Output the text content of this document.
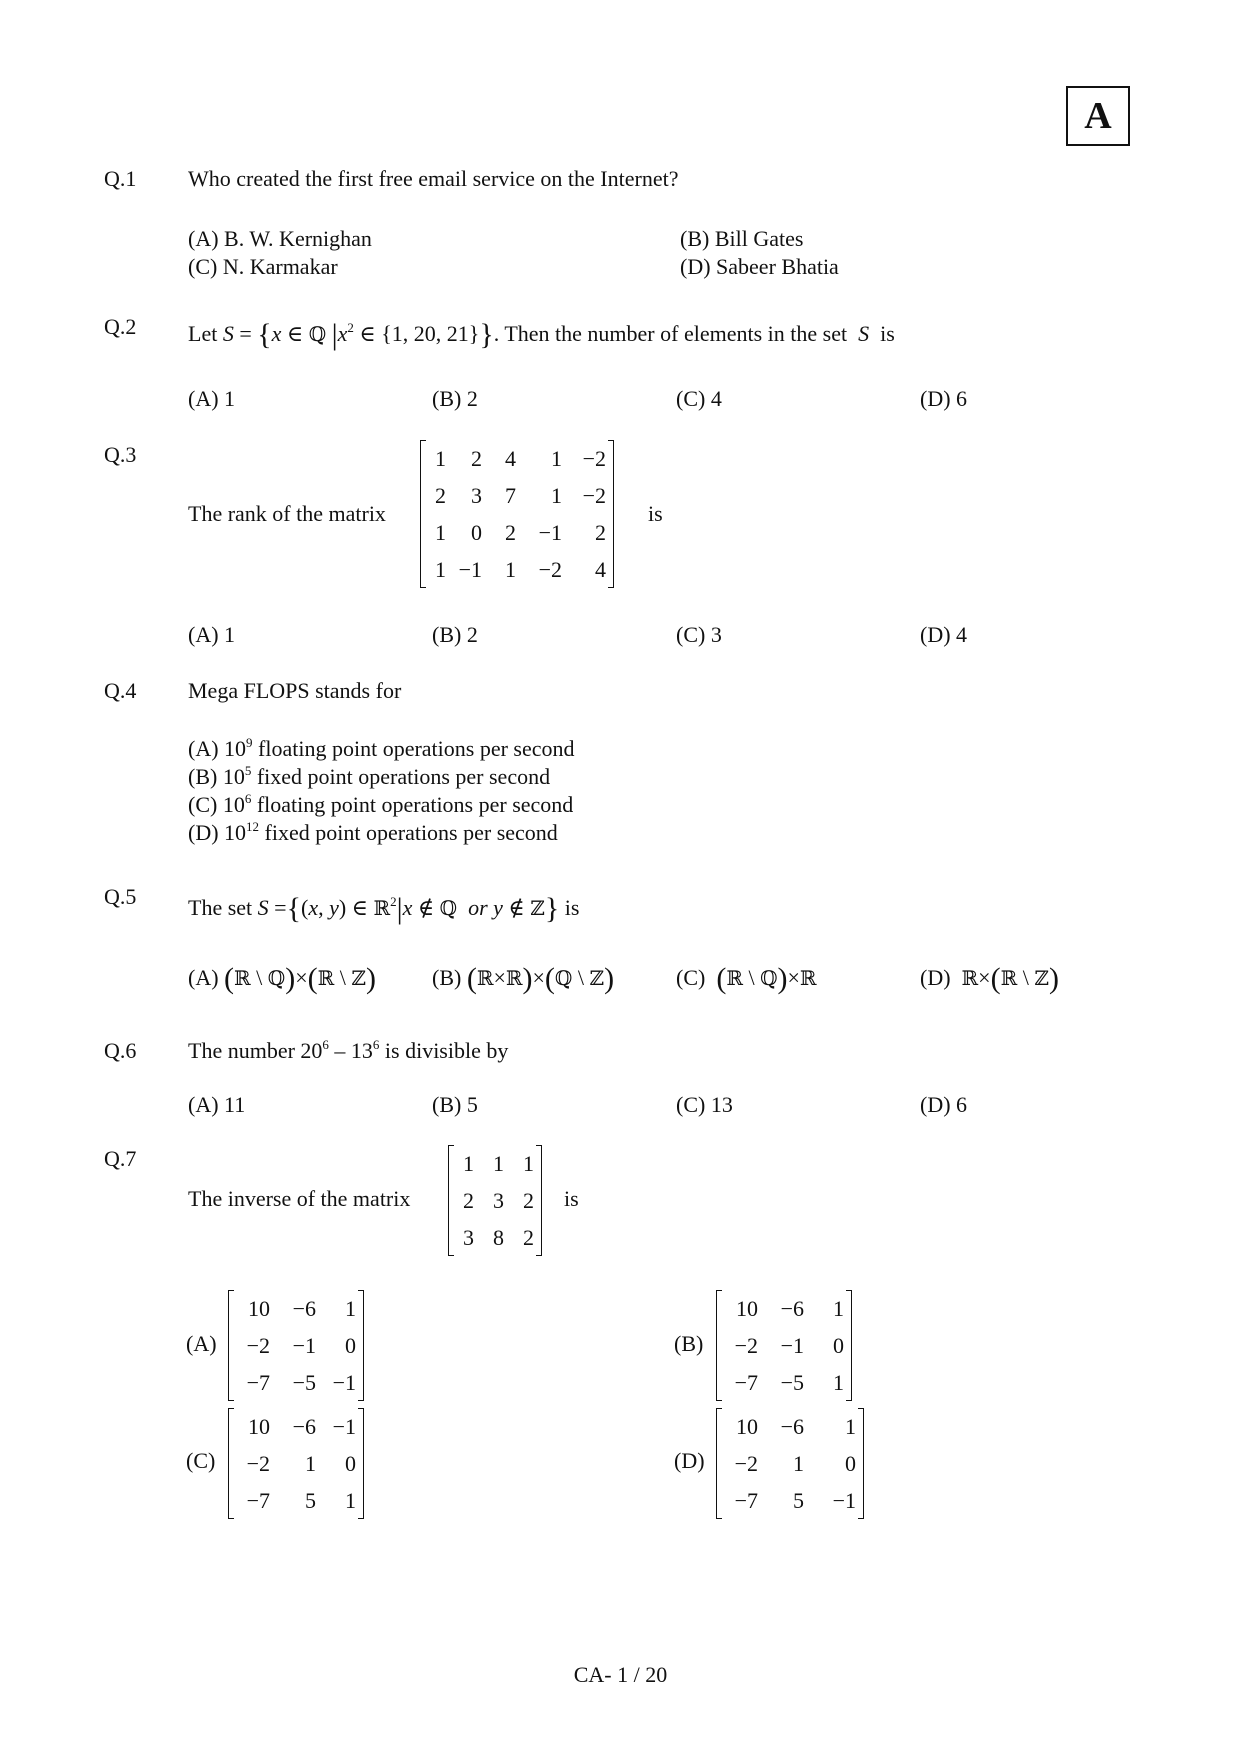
A
Q.1 Who created the first free email service on the Internet?
(A) B. W. Kernighan	(B) Bill Gates
(C) N. Karmakar	(D) Sabeer Bhatia
Q.2 Let S = {x ∈ ℚ $|x^2$ ∈ {1, 20, 21}}. Then the number of elements in the set  S  is
(A) 1	(B) 2	(C) 4	(D) 6
Q.3
The rank of the matrix
1	2	4	1	−2
2	3	7	1	−2
1	0	2	−1	2
1	−1	1	−2	4
is
(A) 1	(B) 2	(C) 3	(D) 4
Q.4 Mega FLOPS stands for
(A) $10^9$ floating point operations per second
(B) $10^5$ fixed point operations per second
(C) $10^6$ floating point operations per second
(D) $10^{12}$ fixed point operations per second
Q.5 The set S ={(x, y) ∈ ℝ$^2$|x ∉ ℚ or y ∉ ℤ} is
(A) (ℝ \ ℚ)×(ℝ \ ℤ)	(B) (ℝ×ℝ)×(ℚ \ ℤ)	(C) (ℝ \ ℚ)×ℝ	(D) ℝ×(ℝ \ ℤ)
Q.6 The number $20^6 - 13^6$ is divisible by
(A) 11	(B) 5	(C) 13	(D) 6
Q.7
The inverse of the matrix
1	1	1
2	3	2
3	8	2
is
(A)
10	−6	1
−2	−1	0
−7	−5	−1
(B)
10	−6	1
−2	−1	0
−7	−5	1
(C)
10	−6	−1
−2	1	0
−7	5	1
(D)
10	−6	1
−2	1	0
−7	5	−1
CA- 1 / 20
